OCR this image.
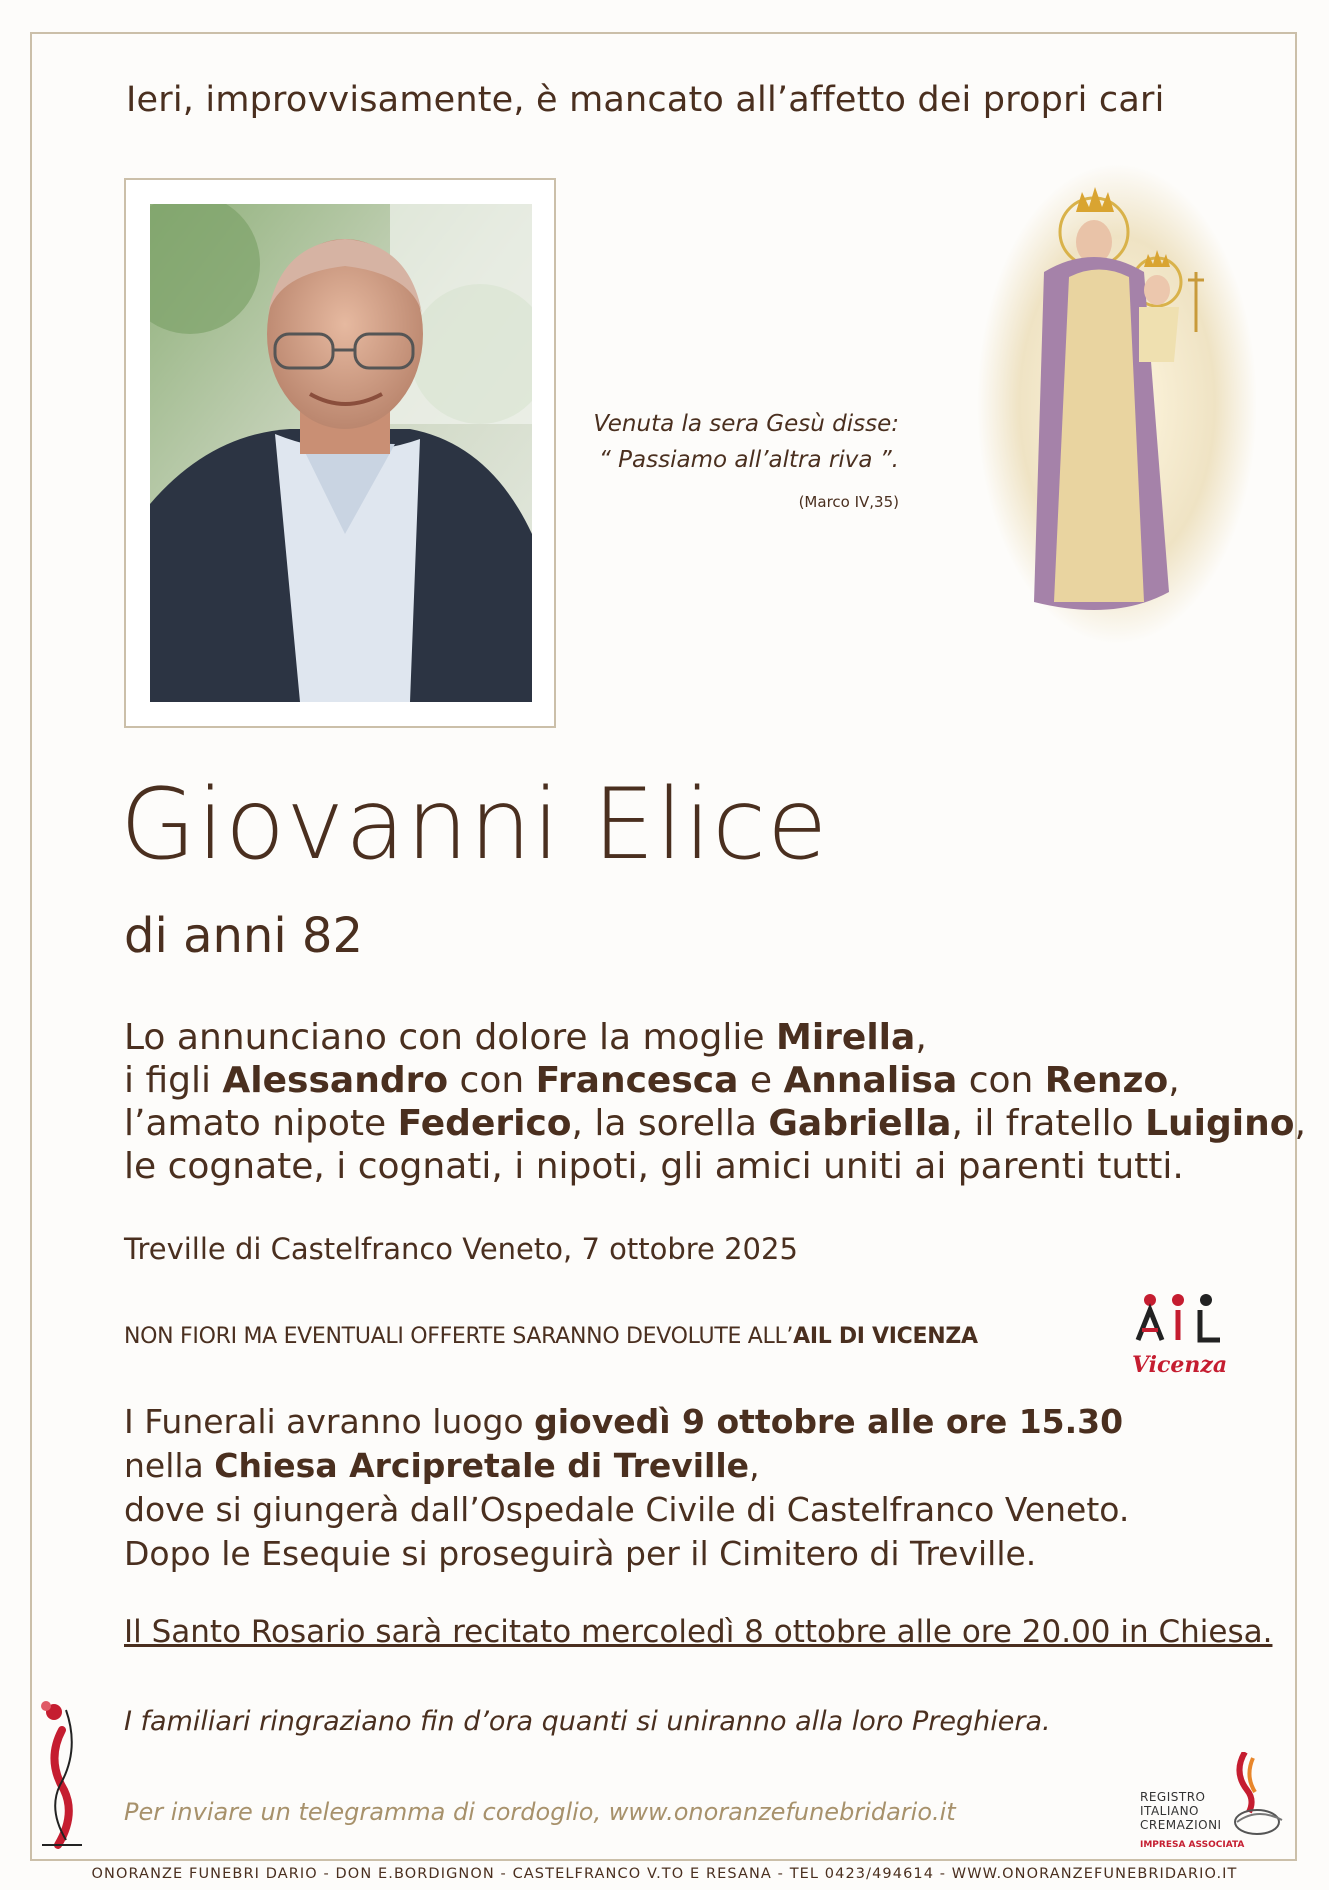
Ieri, improvvisamente, è mancato all’affetto dei propri cari
Venuta la sera Gesù disse:
“ Passiamo all’altra riva ”.
(Marco IV,35)
Giovanni Elice
di anni 82
Lo annunciano con dolore la moglie Mirella,
i figli Alessandro con Francesca e Annalisa con Renzo,
l’amato nipote Federico, la sorella Gabriella, il fratello Luigino,
le cognate, i cognati, i nipoti, gli amici uniti ai parenti tutti.
Treville di Castelfranco Veneto, 7 ottobre 2025
NON FIORI MA EVENTUALI OFFERTE SARANNO DEVOLUTE ALL’AIL DI VICENZA
Vicenza
I Funerali avranno luogo giovedì 9 ottobre alle ore 15.30
nella Chiesa Arcipretale di Treville,
dove si giungerà dall’Ospedale Civile di Castelfranco Veneto.
Dopo le Esequie si proseguirà per il Cimitero di Treville.
Il Santo Rosario sarà recitato mercoledì 8 ottobre alle ore 20.00 in Chiesa.
I familiari ringraziano fin d’ora quanti si uniranno alla loro Preghiera.
Per inviare un telegramma di cordoglio, www.onoranzefunebridario.it
REGISTRO
ITALIANO
CREMAZIONI
IMPRESA ASSOCIATA
ONORANZE FUNEBRI DARIO - DON E.BORDIGNON - CASTELFRANCO V.TO E RESANA - TEL 0423/494614 - WWW.ONORANZEFUNEBRIDARIO.IT
